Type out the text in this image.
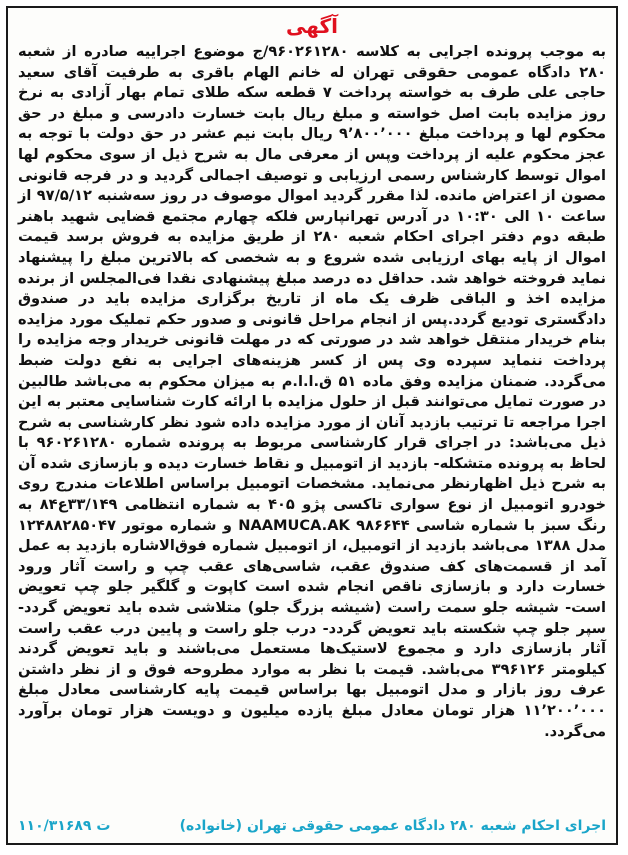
آگهی

به موجب پرونده اجرایی به کلاسه ۹۶۰۲۶۱۲۸۰/ج موضوع اجراییه صادره از شعبه ۲۸۰ دادگاه عمومی حقوقی تهران له خانم الهام باقری به طرفیت آقای سعید حاجی علی طرف به خواسته پرداخت ۷ قطعه سکه طلای تمام بهار آزادی به نرخ روز مزایده بابت اصل خواسته و مبلغ ریال بابت خسارت دادرسی و مبلغ در حق محکوم لها و پرداخت مبلغ ۹٬۸۰۰٬۰۰۰ ریال بابت نیم عشر در حق دولت با توجه به عجز محکوم علیه از پرداخت وپس از معرفی مال به شرح ذیل از سوی محکوم لها اموال توسط کارشناس رسمی ارزیابی و توصیف اجمالی گردید و در فرجه قانونی مصون از اعتراض مانده. لذا مقرر گردید اموال موصوف در روز سه‌شنبه ۹۷/۵/۱۲ از ساعت ۱۰ الی ۱۰:۳۰ در آدرس تهرانپارس فلکه چهارم مجتمع قضایی شهید باهنر طبقه دوم دفتر اجرای احکام شعبه ۲۸۰ از طریق مزایده به فروش برسد قیمت اموال از پایه بهای ارزیابی شده شروع و به شخصی که بالاترین مبلغ را پیشنهاد نماید فروخته خواهد شد. حداقل ده درصد مبلغ پیشنهادی نقدا فی‌المجلس از برنده مزایده اخذ و الباقی ظرف یک ماه از تاریخ برگزاری مزایده باید در صندوق دادگستری تودیع گردد.پس از انجام مراحل قانونی و صدور حکم تملیک مورد مزایده بنام خریدار منتقل خواهد شد در صورتی که در مهلت قانونی خریدار وجه مزایده را پرداخت ننماید سپرده وی پس از کسر هزینه‌های اجرایی به نفع دولت ضبط می‌گردد. ضمنان مزایده وفق ماده ۵۱ ق.ا.ا.م به میزان محکوم به می‌باشد طالبین در صورت تمایل می‌توانند قبل از حلول مزایده با ارائه کارت شناسایی معتبر به این اجرا مراجعه تا ترتیب بازدید آنان از مورد مزایده داده شود نظر کارشناسی به شرح ذیل می‌باشد: در اجرای قرار کارشناسی مربوط به پرونده شماره ۹۶۰۲۶۱۲۸۰ با لحاظ به پرونده متشکله- بازدید از اتومبیل و نقاط خسارت دیده و بازسازی شده آن به شرح ذیل اظهارنظر می‌نماید. مشخصات اتومبیل براساس اطلاعات مندرج روی خودرو اتومبیل از نوع سواری تاکسی پژو ۴۰۵ به شماره انتظامی ۳۳/۱۴۹ع۸۴ به رنگ سبز با شماره شاسی NAAMUCA.AK ۹۸۶۶۴۴ و شماره موتور ۱۲۴۸۸۲۸۵۰۴۷ مدل ۱۳۸۸ می‌باشد بازدید از اتومبیل، از اتومبیل شماره فوق‌الاشاره بازدید به عمل آمد از قسمت‌های کف صندوق عقب، شاسی‌های عقب چپ و راست آثار ورود خسارت دارد و بازسازی ناقص انجام شده است کاپوت و گلگیر جلو چپ تعویض است- شیشه جلو سمت راست (شیشه بزرگ جلو) متلاشی شده باید تعویض گردد- سپر جلو چپ شکسته باید تعویض گردد- درب جلو راست و پایین درب عقب راست آثار بازسازی دارد و مجموع لاستیک‌ها مستعمل می‌باشند و باید تعویض گردند کیلومتر ۳۹۶۱۲۶ می‌باشد. قیمت با نظر به موارد مطروحه فوق و از نظر داشتن عرف روز بازار و مدل اتومبیل بها براساس قیمت پایه کارشناسی معادل مبلغ ۱۱٬۲۰۰٬۰۰۰ هزار تومان معادل مبلغ یازده میلیون و دویست هزار تومان برآورد می‌گردد.

اجرای احکام شعبه ۲۸۰ دادگاه عمومی حقوقی تهران (خانواده)
۱۱۰/۳۱۶۸۹ ت
